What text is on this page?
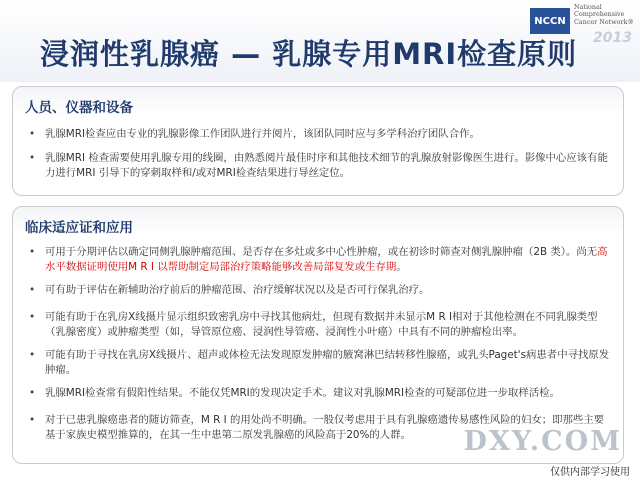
浸润性乳腺癌 — 乳腺专用MRI检查原则
NCCN
National Comprehensive Cancer Network®
2013
人员、仪器和设备
• 乳腺MRI检查应由专业的乳腺影像工作团队进行并阅片，该团队同时应与多学科治疗团队合作。
• 乳腺MRI 检查需要使用乳腺专用的线圈，由熟悉阅片最佳时序和其他技术细节的乳腺放射影像医生进行。影像中心应该有能力进行MRI 引导下的穿刺取样和/或对MRI检查结果进行导丝定位。
临床适应证和应用
• 可用于分期评估以确定同侧乳腺肿瘤范围、是否存在多灶或多中心性肿瘤，或在初诊时筛查对侧乳腺肿瘤（2B 类）。尚无高水平数据证明使用M R I 以帮助制定局部治疗策略能够改善局部复发或生存期。
• 可有助于评估在新辅助治疗前后的肿瘤范围、治疗缓解状况以及是否可行保乳治疗。
• 可能有助于在乳房X线摄片显示组织致密乳房中寻找其他病灶，但现有数据并未显示M R I相对于其他检测在不同乳腺类型（乳腺密度）或肿瘤类型（如，导管原位癌、浸润性导管癌、浸润性小叶癌）中具有不同的肿瘤检出率。
• 可能有助于寻找在乳房X线摄片、超声或体检无法发现原发肿瘤的腋窝淋巴结转移性腺癌，或乳头Paget's病患者中寻找原发肿瘤。
• 乳腺MRI检查常有假阳性结果。不能仅凭MRI的发现决定手术。建议对乳腺MRI检查的可疑部位进一步取样活检。
• 对于已患乳腺癌患者的随访筛查，M R I 的用处尚不明确。一般仅考虑用于具有乳腺癌遗传易感性风险的妇女；即那些主要基于家族史模型推算的，在其一生中患第二原发乳腺癌的风险高于20%的人群。	DXY.COM
仅供内部学习使用
